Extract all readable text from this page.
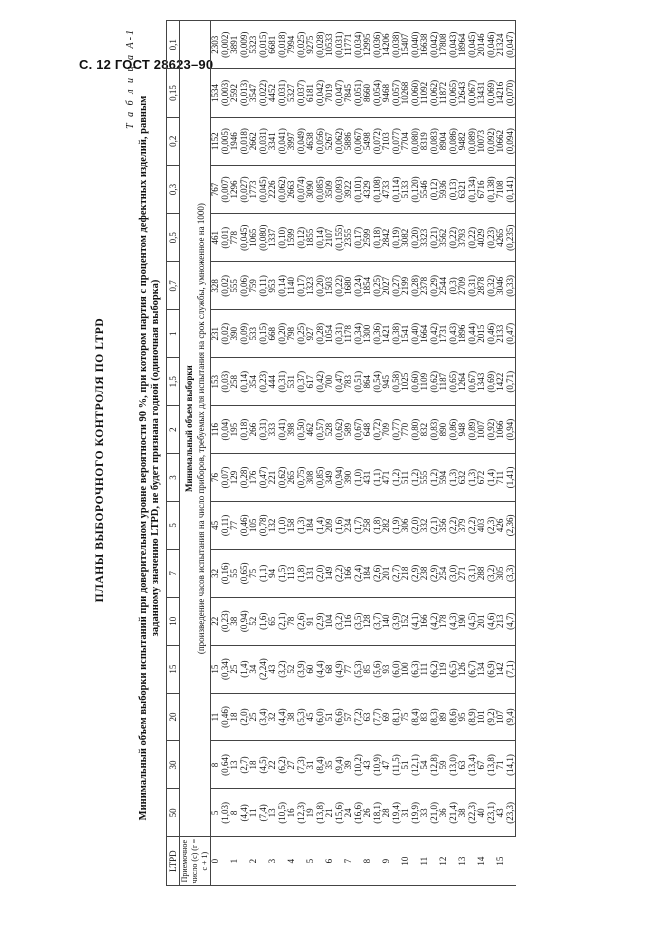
С. 12 ГОСТ 28623–90
ПЛАНЫ ВЫБОРОЧНОГО КОНТРОЛЯ ПО LTPD
Т а б л и ц а А-1
Минимальный объем выборки испытаний при доверительном уровне вероятности 90 %, при котором партия с процентом дефектных изделий, равным заданному значению LTPD, не будет признана годной (одиночная выборка)
LTPD	50	30	20	15	10	7	5	3	2	1,5	1	0,7	0,5	0,3	0,2	0,15	0,1
Приемочное число (с) (r = c + 1)	Минимальный объем выборки (произведение часов испытания на число приборов, требуемых для испытания на срок службы, умноженное на 1000)																

0	5	8	11	15	22	32	45	76	116	153	231	328	461	767	1152	1534	2303
	(1,03)	(0,64)	(0,46)	(0,34)	(0,23)	(0,16)	(0,11)	(0,07)	(0,04)	(0,03)	(0,02)	(0,02)	(0,01)	(0,007)	(0,005)	(0,003)	(0,002)
1	8	13	18	25	38	55	77	129	195	258	390	555	778	1296	1946	2592	3891
	(4,4)	(2,7)	(2,0)	(1,4)	(0,94)	(0,65)	(0,46)	(0,28)	(0,18)	(0,14)	(0,09)	(0,06)	(0,045)	(0,027)	(0,018)	(0,013)	(0,009)
2	11	18	25	34	52	75	105	176	266	354	533	759	1065	1773	2662	3547	5323
	(7,4)	(4,5)	(3,4)	(2,24)	(1,6)	(1,1)	(0,78)	(0,47)	(0,31)	(0,23)	(0,15)	(0,11)	(0,080)	(0,045)	(0,031)	(0,022)	(0,015)
3	13	22	32	43	65	94	132	221	333	444	668	953	1337	2226	3341	4452	6681
	(10,5)	(6,2)	(4,4)	(3,2)	(2,1)	(1,5)	(1,0)	(0,62)	(0,41)	(0,31)	(0,20)	(0,14)	(0,10)	(0,062)	(0,041)	(0,031)	(0,018)
4	16	27	38	52	78	113	158	265	398	531	798	1140	1599	2663	3997	5327	7994
	(12,3)	(7,3)	(5,3)	(3,9)	(2,6)	(1,8)	(1,3)	(0,75)	(0,50)	(0,37)	(0,25)	(0,17)	(0,12)	(0,074)	(0,049)	(0,037)	(0,025)
5	19	31	45	60	91	131	184	308	462	617	927	1323	1855	3090	4638	6181	9275
	(13,8)	(8,4)	(6,0)	(4,4)	(2,9)	(2,0)	(1,4)	(0,85)	(0,57)	(0,42)	(0,28)	(0,20)	(0,14)	(0,085)	(0,056)	(0,042)	(0,028)
6	21	35	51	68	104	149	209	349	528	700	1054	1503	2107	3509	5267	7019	10533
	(15,6)	(9,4)	(6,6)	(4,9)	(3,2)	(2,2)	(1,6)	(0,94)	(0,62)	(0,47)	(0,31)	(0,22)	(0,155)	(0,093)	(0,062)	(0,047)	(0,031)
7	24	39	57	77	116	166	234	390	589	783	1178	1680	2355	3922	5886	7845	11771
	(16,6)	(10,2)	(7,2)	(5,3)	(3,5)	(2,4)	(1,7)	(1,0)	(0,67)	(0,51)	(0,34)	(0,24)	(0,17)	(0,101)	(0,067)	(0,051)	(0,034)
8	26	43	63	85	128	184	258	431	648	864	1300	1854	2599	4329	5498	8660	12995
	(18,1)	(10,9)	(7,7)	(5,6)	(3,7)	(2,6)	(1,8)	(1,1)	(0,72)	(0,54)	(0,36)	(0,25)	(0,18)	(0,108)	(0,072)	(0,054)	(0,036)
9	28	47	69	93	140	201	282	471	709	945	1421	2027	2842	4733	7103	9468	14206
	(19,4)	(11,5)	(8,1)	(6,0)	(3,9)	(2,7)	(1,9)	(1,2)	(0,77)	(0,58)	(0,38)	(0,27)	(0,19)	(0,114)	(0,077)	(0,057)	(0,038)
10	31	51	75	100	152	218	306	511	770	1025	1541	2199	3082	5133	7704	10268	15407
	(19,9)	(12,1)	(8,4)	(6,3)	(4,1)	(2,9)	(2,0)	(1,2)	(0,80)	(0,60)	(0,40)	(0,28)	(0,20)	(0,120)	(0,080)	(0,060)	(0,040)
11	33	54	83	111	166	238	332	555	832	1109	1664	2378	3323	5546	8319	11092	16638
	(21,0)	(12,8)	(8,3)	(6,2)	(4,2)	(2,9)	(2,1)	(1,2)	(0,83)	(0,62)	(0,42)	(0,29)	(0,21)	(0,12)	(0,083)	(0,062)	(0,042)
12	36	59	89	119	178	254	356	594	890	1187	1731	2544	3562	5936	8904	11872	17808
	(21,4)	(13,0)	(8,6)	(6,5)	(4,3)	(3,0)	(2,2)	(1,3)	(0,86)	(0,65)	(0,43)	(0,3)	(0,22)	(0,13)	(0,086)	(0,065)	(0,043)
13	38	63	95	126	190	271	379	632	948	1264	1896	2709	3793	6321	9482	12643	18964
	(22,3)	(13,4)	(8,9)	(6,7)	(4,5)	(3,1)	(2,2)	(1,3)	(0,89)	(0,67)	(0,44)	(0,31)	(0,22)	(0,134)	(0,089)	(0,067)	(0,045)
14	40	67	101	134	201	288	403	672	1007	1343	2015	2878	4029	6716	10073	13431	20146
	(23,1)	(13,8)	(9,2)	(6,9)	(4,6)	(3,2)	(2,3)	(1,4)	(0,92)	(0,69)	(0,46)	(0,32)	(0,23)	(0,138)	(0,092)	(0,069)	(0,046)
15	43	71	107	142	213	305	426	711	1066	1422	2133	3046	4265	7108	10662	14216	21324
	(23,3)	(14,1)	(9,4)	(7,1)	(4,7)	(3,3)	(2,36)	(1,41)	(0,94)	(0,71)	(0,47)	(0,33)	(0,235)	(0,141)	(0,094)	(0,070)	(0,047)
